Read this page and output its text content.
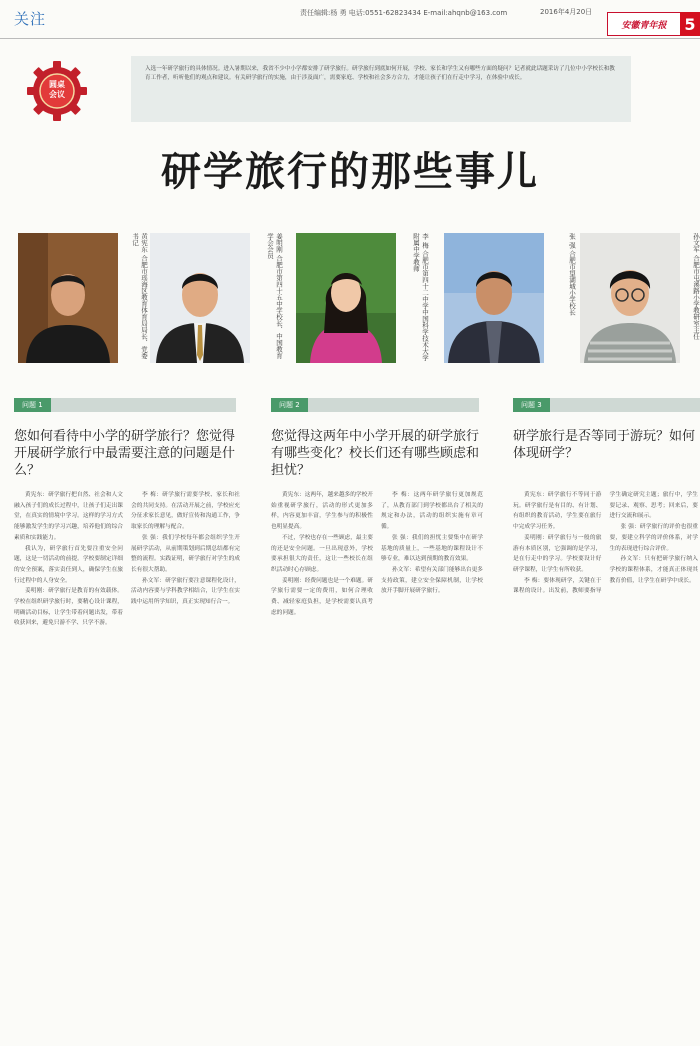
关注	责任编辑:杨 勇 电话:0551-62823434 E-mail:ahqnb@163.com	2016年4月20日
安徽青年报	5
圆桌
会议
入选一年研学旅行的具体情况。进入暑期以来，我省不少中小学都安排了研学旅行。研学旅行到底如何开展，学校、家长和学生又有哪些方面的疑问？记者就此话题采访了几位中小学校长和教育工作者，听听他们的观点和建议。有关研学旅行的实施，由于涉及面广，需要家庭、学校和社会多方合力，才能让孩子们在行走中学习，在体验中成长。
研学旅行的那些事儿
黄宪东 合肥市瑶海区教育体育局局长、党委书记	姜明刚 合肥市第四十五中学校长、中国教育学会会员	李 梅 合肥市第四十二中学中国科学技术大学附属中学教师	张 强 合肥市望湖城小学校长	孙文军 合肥市屯溪路小学教研室主任
问题 1
您如何看待中小学的研学旅行？您觉得开展研学旅行中最需要注意的问题是什么？

黄宪东：研学旅行把自然、社会和人文融入孩子们的成长过程中，让孩子们走出课堂，在真实的情境中学习。这样的学习方式能够激发学生的学习兴趣，培养他们的综合素质和实践能力。

我认为，研学旅行首先要注重安全问题，这是一切活动的前提。学校要制定详细的安全预案，落实责任到人，确保学生在旅行过程中的人身安全。

姜明刚：研学旅行是教育的有效载体。学校在组织研学旅行时，要精心设计课程，明确活动目标，让学生带着问题出发，带着收获回来，避免只游不学、只学不游。

李 梅：研学旅行需要学校、家长和社会的共同支持。在活动开展之前，学校应充分征求家长意见，做好宣传和沟通工作，争取家长的理解与配合。

张 强：我们学校每年都会组织学生开展研学活动，从前期策划到后期总结都有完整的流程。实践证明，研学旅行对学生的成长有很大帮助。

孙文军：研学旅行要注意课程化设计，活动内容要与学科教学相结合，让学生在实践中运用所学知识，真正实现知行合一。

问题 2
您觉得这两年中小学开展的研学旅行有哪些变化？校长们还有哪些顾虑和担忧？

黄宪东：这两年，越来越多的学校开始重视研学旅行，活动的形式更加多样，内容更加丰富，学生参与的积极性也明显提高。

不过，学校也存在一些顾虑，最主要的还是安全问题。一旦出现意外，学校要承担很大的责任，这让一些校长在组织活动时心存顾虑。

姜明刚：经费问题也是一个难题。研学旅行需要一定的费用，如何合理收费、减轻家庭负担，是学校需要认真考虑的问题。

李 梅：这两年研学旅行更加规范了，从教育部门到学校都出台了相关的规定和办法，活动的组织实施有章可循。

张 强：我们的担忧主要集中在研学基地的质量上，一些基地的课程设计不够专业，难以达到预期的教育效果。

孙文军：希望有关部门能够出台更多支持政策，建立安全保障机制，让学校放开手脚开展研学旅行。

问题 3
研学旅行是否等同于游玩？如何体现研学？

黄宪东：研学旅行不等同于游玩。研学旅行是有目的、有计划、有组织的教育活动，学生要在旅行中完成学习任务。

姜明刚：研学旅行与一般的旅游有本质区别，它强调的是学习，是在行走中的学习。学校要设计好研学课程，让学生有所收获。

李 梅：要体现研学，关键在于课程的设计。出发前，教师要指导学生确定研究主题；旅行中，学生要记录、观察、思考；回来后，要进行交流和展示。

张 强：研学旅行的评价也很重要，要建立科学的评价体系，对学生的表现进行综合评价。

孙文军：只有把研学旅行纳入学校的课程体系，才能真正体现其教育价值，让学生在研学中成长。
